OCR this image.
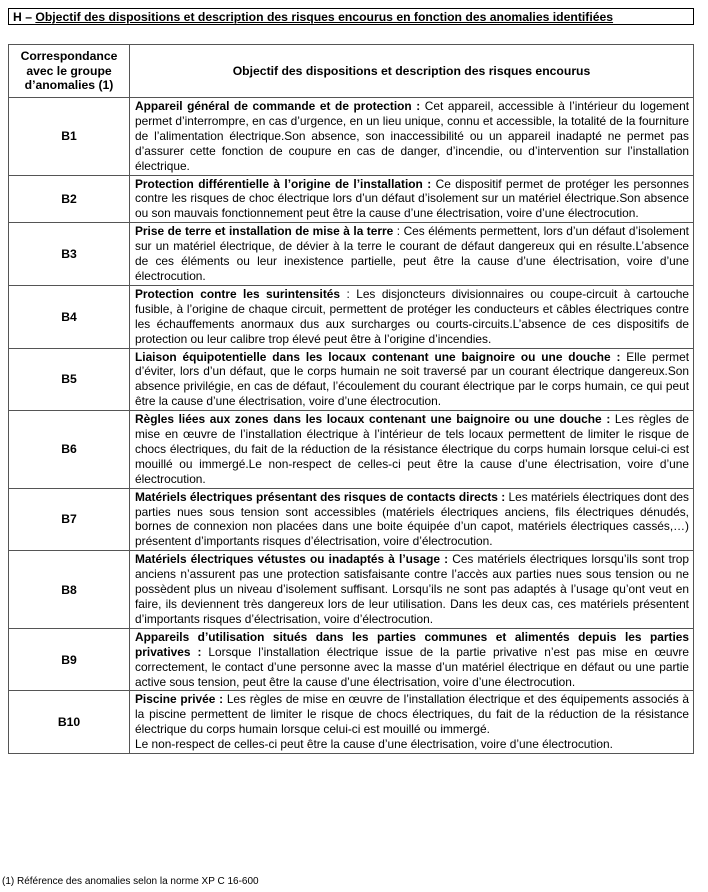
H – Objectif des dispositions et description des risques encourus en fonction des anomalies identifiées
Correspondance avec le groupe d’anomalies (1)	Objectif des dispositions et description des risques encourus
B1	Appareil général de commande et de protection : Cet appareil, accessible à l’intérieur du logement permet d’interrompre, en cas d’urgence, en un lieu unique, connu et accessible, la totalité de la fourniture de l’alimentation électrique.Son absence, son inaccessibilité ou un appareil inadapté ne permet pas d’assurer cette fonction de coupure en cas de danger, d’incendie, ou d’intervention sur l’installation électrique.
B2	Protection différentielle à l’origine de l’installation : Ce dispositif permet de protéger les personnes contre les risques de choc électrique lors d’un défaut d’isolement sur un matériel électrique.Son absence ou son mauvais fonctionnement peut être la cause d’une électrisation, voire d’une électrocution.
B3	Prise de terre et installation de mise à la terre : Ces éléments permettent, lors d’un défaut d’isolement sur un matériel électrique, de dévier à la terre le courant de défaut dangereux qui en résulte.L’absence de ces éléments ou leur inexistence partielle, peut être la cause d’une électrisation, voire d’une électrocution.
B4	Protection contre les surintensités : Les disjoncteurs divisionnaires ou coupe-circuit à cartouche fusible, à l’origine de chaque circuit, permettent de protéger les conducteurs et câbles électriques contre les échauffements anormaux dus aux surcharges ou courts-circuits.L’absence de ces dispositifs de protection ou leur calibre trop élevé peut être à l’origine d’incendies.
B5	Liaison équipotentielle dans les locaux contenant une baignoire ou une douche : Elle permet d’éviter, lors d’un défaut, que le corps humain ne soit traversé par un courant électrique dangereux.Son absence privilégie, en cas de défaut, l’écoulement du courant électrique par le corps humain, ce qui peut être la cause d’une électrisation, voire d’une électrocution.
B6	Règles liées aux zones dans les locaux contenant une baignoire ou une douche : Les règles de mise en œuvre de l’installation électrique à l’intérieur de tels locaux permettent de limiter le risque de chocs électriques, du fait de la réduction de la résistance électrique du corps humain lorsque celui-ci est mouillé ou immergé.Le non-respect de celles-ci peut être la cause d’une électrisation, voire d’une électrocution.
B7	Matériels électriques présentant des risques de contacts directs : Les matériels électriques dont des parties nues sous tension sont accessibles (matériels électriques anciens, fils électriques dénudés, bornes de connexion non placées dans une boite équipée d’un capot, matériels électriques cassés,…) présentent d’importants risques d’électrisation, voire d’électrocution.
B8	Matériels électriques vétustes ou inadaptés à l’usage : Ces matériels électriques lorsqu’ils sont trop anciens n’assurent pas une protection satisfaisante contre l’accès aux parties nues sous tension ou ne possèdent plus un niveau d’isolement suffisant. Lorsqu’ils ne sont pas adaptés à l’usage qu’ont veut en faire, ils deviennent très dangereux lors de leur utilisation. Dans les deux cas, ces matériels présentent d’importants risques d’électrisation, voire d’électrocution.
B9	Appareils d’utilisation situés dans les parties communes et alimentés depuis les parties privatives : Lorsque l’installation électrique issue de la partie privative n’est pas mise en œuvre correctement, le contact d’une personne avec la masse d’un matériel électrique en défaut ou une partie active sous tension, peut être la cause d’une électrisation, voire d’une électrocution.
B10	Piscine privée : Les règles de mise en œuvre de l’installation électrique et des équipements associés à la piscine permettent de limiter le risque de chocs électriques, du fait de la réduction de la résistance électrique du corps humain lorsque celui-ci est mouillé ou immergé.
Le non-respect de celles-ci peut être la cause d’une électrisation, voire d’une électrocution.
(1) Référence des anomalies selon la norme XP C 16-600
